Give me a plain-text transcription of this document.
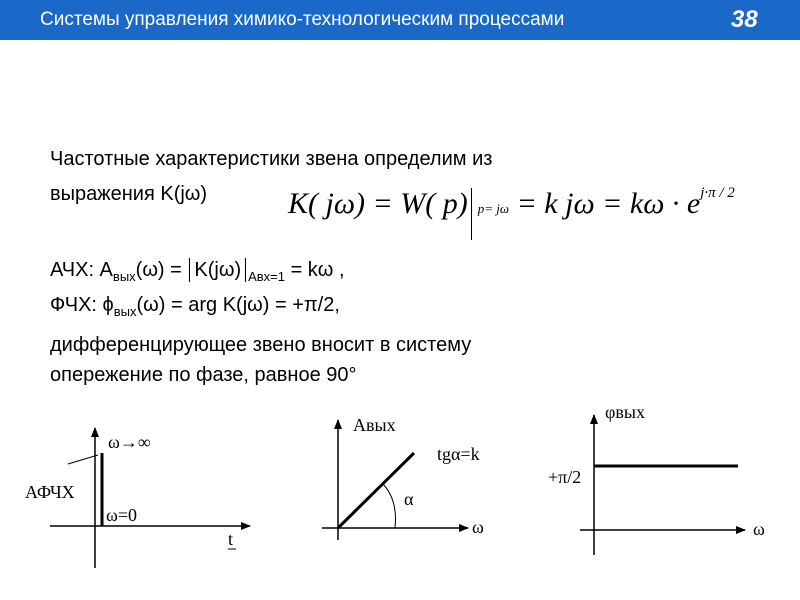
Системы управления химико-технологическим процессами	38
Частотные характеристики звена определим из
выражения K(jω)	K( jω) = W( p) p= jω = k $j\omega = k\omega \cdot e^{j\cdot\pi / 2}$
АЧХ: $A_{вых}(\omega) = K(j\omega) _{Aвх=1} = k\omega$ ,
ФЧХ: $\phi_{вых}(\omega)$ = arg K(jω) = +π/2,
дифференцирующее звено вносит в систему
опережение по фазе, равное 90°
ω→∞
АФЧХ
ω=0
t
Aвых
tgα=k
α
ω
φвых
+π/2
ω
